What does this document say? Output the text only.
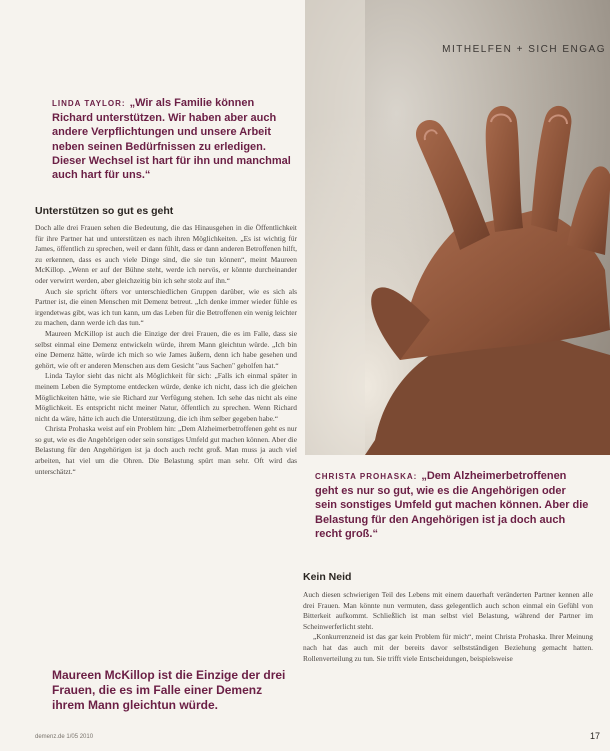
MITHELFEN + SICH ENGAG
LINDA TAYLOR: „Wir als Familie können Richard unterstützen. Wir haben aber auch andere Verpflichtungen und unsere Arbeit neben seinen Bedürfnissen zu erledigen. Dieser Wechsel ist hart für ihn und manchmal auch hart für uns.“
Unterstützen so gut es geht

Doch alle drei Frauen sehen die Bedeutung, die das Hinausgehen in die Öffentlichkeit für ihre Partner hat und unterstützen es nach ihren Möglichkeiten. „Es ist wichtig für James, öffentlich zu sprechen, weil er dann fühlt, dass er dann anderen Betroffenen hilft, zu erkennen, dass es auch viele Dinge sind, die sie tun können“, meint Maureen McKillop. „Wenn er auf der Bühne steht, werde ich nervös, er könnte durcheinander oder verwirrt werden, aber gleichzeitig bin ich sehr stolz auf ihn.“

Auch sie spricht öfters vor unterschiedlichen Gruppen darüber, wie es sich als Partner ist, die einen Menschen mit Demenz betreut. „Ich denke immer wieder fühle es irgendetwas gibt, was ich tun kann, um das Leben für die Betroffenen ein wenig leichter zu machen, dann werde ich das tun.“

Maureen McKillop ist auch die Einzige der drei Frauen, die es im Falle, dass sie selbst einmal eine Demenz entwickeln würde, ihrem Mann gleichtun würde. „Ich bin eine Demenz hätte, würde ich mich so wie James äußern, denn ich habe gesehen und gehört, wie oft er anderen Menschen aus dem Gesicht "aus Sachen" geholfen hat.“

Linda Taylor sieht das nicht als Möglichkeit für sich: „Falls ich einmal später in meinem Leben die Symptome entdecken würde, denke ich nicht, dass ich die gleichen Möglichkeiten hätte, wie sie Richard zur Verfügung stehen. Ich sehe das nicht als eine Möglichkeit. Es entspricht nicht meiner Natur, öffentlich zu sprechen. Wenn Richard nicht da wäre, hätte ich auch die Unterstützung, die ich ihm selber gegeben habe.“

Christa Prohaska weist auf ein Problem hin: „Dem Alzheimerbetroffenen geht es nur so gut, wie es die Angehörigen oder sein sonstiges Umfeld gut machen können. Aber die Belastung für den Angehörigen ist ja doch auch recht groß. Man muss ja auch viel arbeiten, hat viel um die Ohren. Die Belastung spürt man sehr. Oft wird das unterschätzt.“

CHRISTA PROHASKA: „Dem Alzheimerbetroffenen geht es nur so gut, wie es die Angehörigen oder sein sonstiges Umfeld gut machen können. Aber die Belastung für den Angehörigen ist ja doch auch recht groß.“
Kein Neid

Auch diesen schwierigen Teil des Lebens mit einem dauerhaft veränderten Partner kennen alle drei Frauen. Man könnte nun vermuten, dass gelegentlich auch schon einmal ein Gefühl von Bitterkeit aufkommt. Schließlich ist man selbst viel Belastung, während der Partner im Scheinwerferlicht steht.

„Konkurrenzneid ist das gar kein Problem für mich“, meint Christa Prohaska. Ihrer Meinung nach hat das auch mit der bereits davor selbstständigen Beziehung gemacht hatten. Rollenverteilung zu tun. Sie trifft viele Entscheidungen, beispielsweise

Maureen McKillop ist die Einzige der drei Frauen, die es im Falle einer Demenz ihrem Mann gleichtun würde.
demenz.de 1/05 2010	17
